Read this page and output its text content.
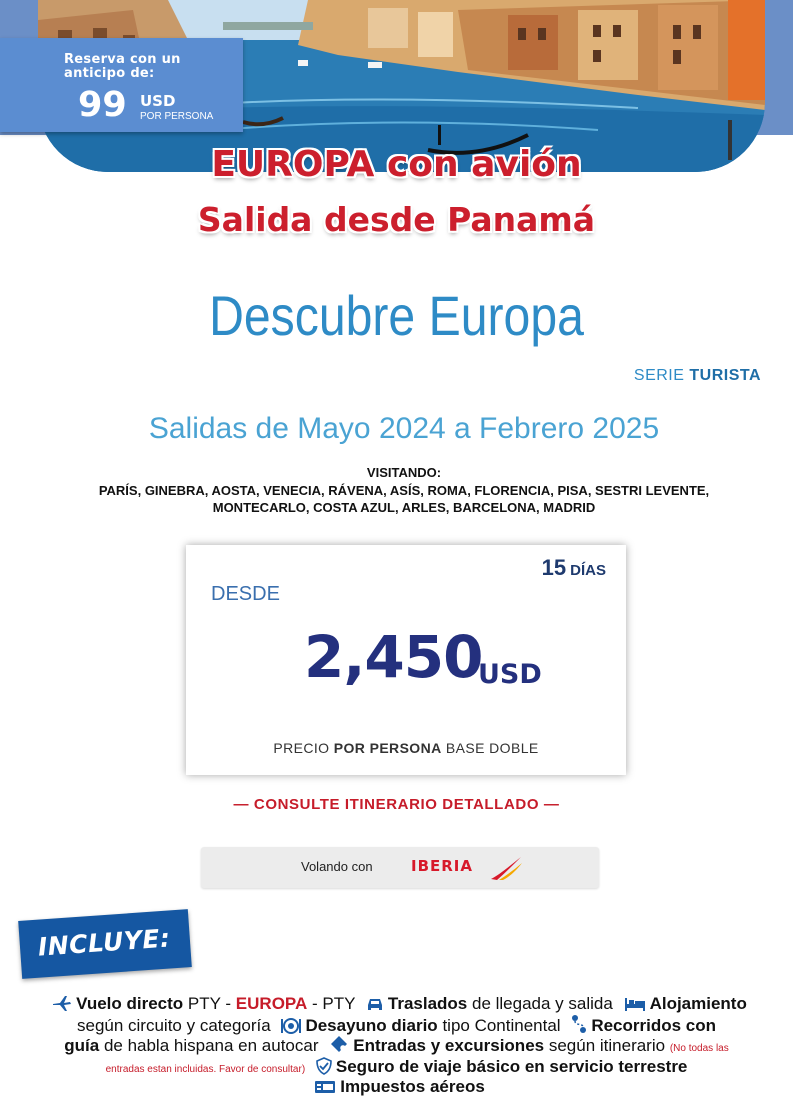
Reserva con un
anticipo de:
99 USD
POR PERSONA
EUROPA con avión
Salida desde Panamá
Descubre Europa
SERIE TURISTA
Salidas de Mayo 2024 a Febrero 2025
VISITANDO:
PARÍS, GINEBRA, AOSTA, VENECIA, RÁVENA, ASÍS, ROMA, FLORENCIA, PISA, SESTRI LEVENTE,
MONTECARLO, COSTA AZUL, ARLES, BARCELONA, MADRID
15 DÍAS
DESDE
2,450
USD
PRECIO POR PERSONA BASE DOBLE
— CONSULTE ITINERARIO DETALLADO —
Volando con	IBERIA
INCLUYE:
Vuelo directo PTY - EUROPA - PTY Traslados de llegada y salida Alojamiento
según circuito y categoría Desayuno diario tipo Continental Recorridos con
guía de habla hispana en autocar Entradas y excursiones según itinerario (No todas las
entradas estan incluidas. Favor de consultar) Seguro de viaje básico en servicio terrestre
Impuestos aéreos
